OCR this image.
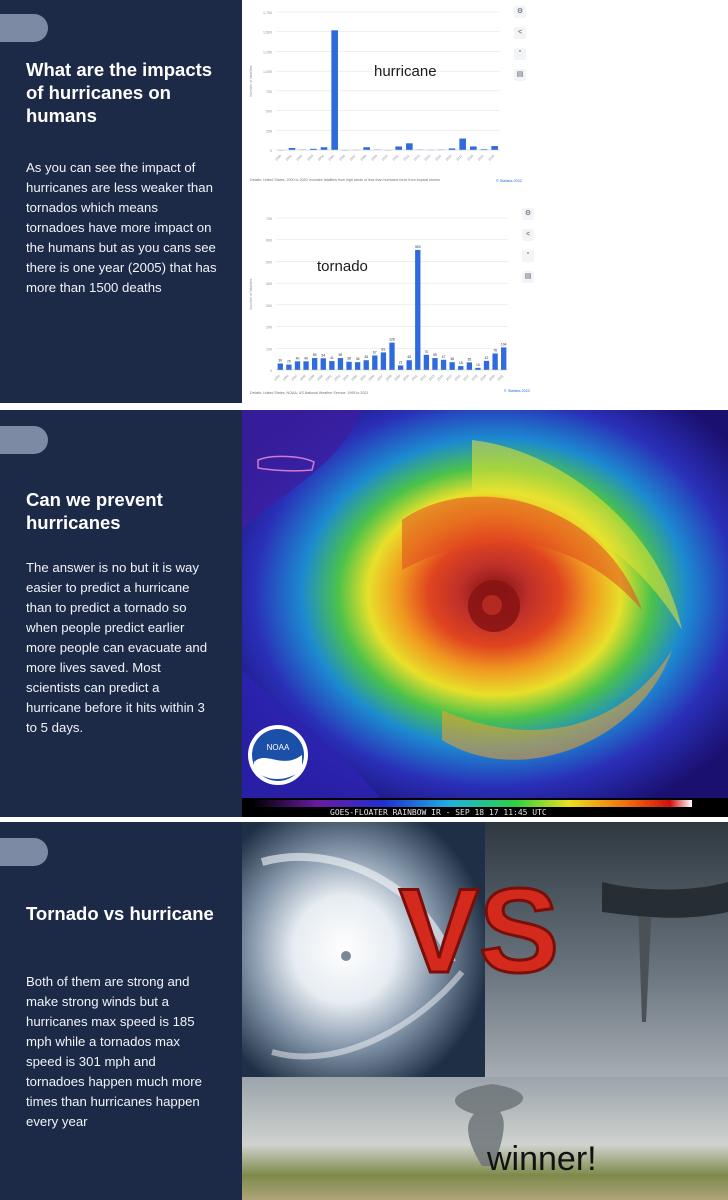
What are the impacts of hurricanes on humans
As you can see the impact of hurricanes are less weaker than tornados which means tornadoes have more impact on the humans but as you cans see there is one year (2005) that has more than 1500 deaths
0
250
500
750
1,000
1,250
1,500
1,750
Number of fatalities
2000 2001 2002 2003 2004 2005 2006 2007 2008 2009 2010 2011 2012 2013 2014 2015 2016 2017 2018 2019 2020
Details: United States; 2000 to 2020; includes fatalities from high winds of less than hurricane force from tropical storms	© Statista 2022
hurricane
⚙
<
“
▤
0
100
200
300
400
500
600
700
Number of fatalities
1995
30
1996
25
1997
40
1998
40
1999
55
2000
54
2001
41
2002
55
2003
38
2004
36
2005
45
2006
67
2007
81
2008
126
2009
21
2010
45
2011
553
2012
70
2013
55
2014
47
2015
36
2016
18
2017
35
2018
10
2019
42
2020
76
2021
104
Details: United States; NOAA; US National Weather Service; 1995 to 2021	© Statista 2022
tornado
⚙
<
“
▤
Can we prevent hurricanes
The answer is no but it is way easier to predict a hurricane than to predict a tornado so when people predict earlier more people can evacuate and more lives saved. Most scientists can predict a hurricane before it hits within 3 to 5 days.
NOAA
GOES-FLOATER RAINBOW IR - SEP 18 17 11:45 UTC
Tornado vs hurricane
Both of them are strong and make strong winds but a hurricanes max speed is 185 mph while a tornados max speed is 301 mph and tornadoes happen much more times than hurricanes happen every year
VS
winner!
